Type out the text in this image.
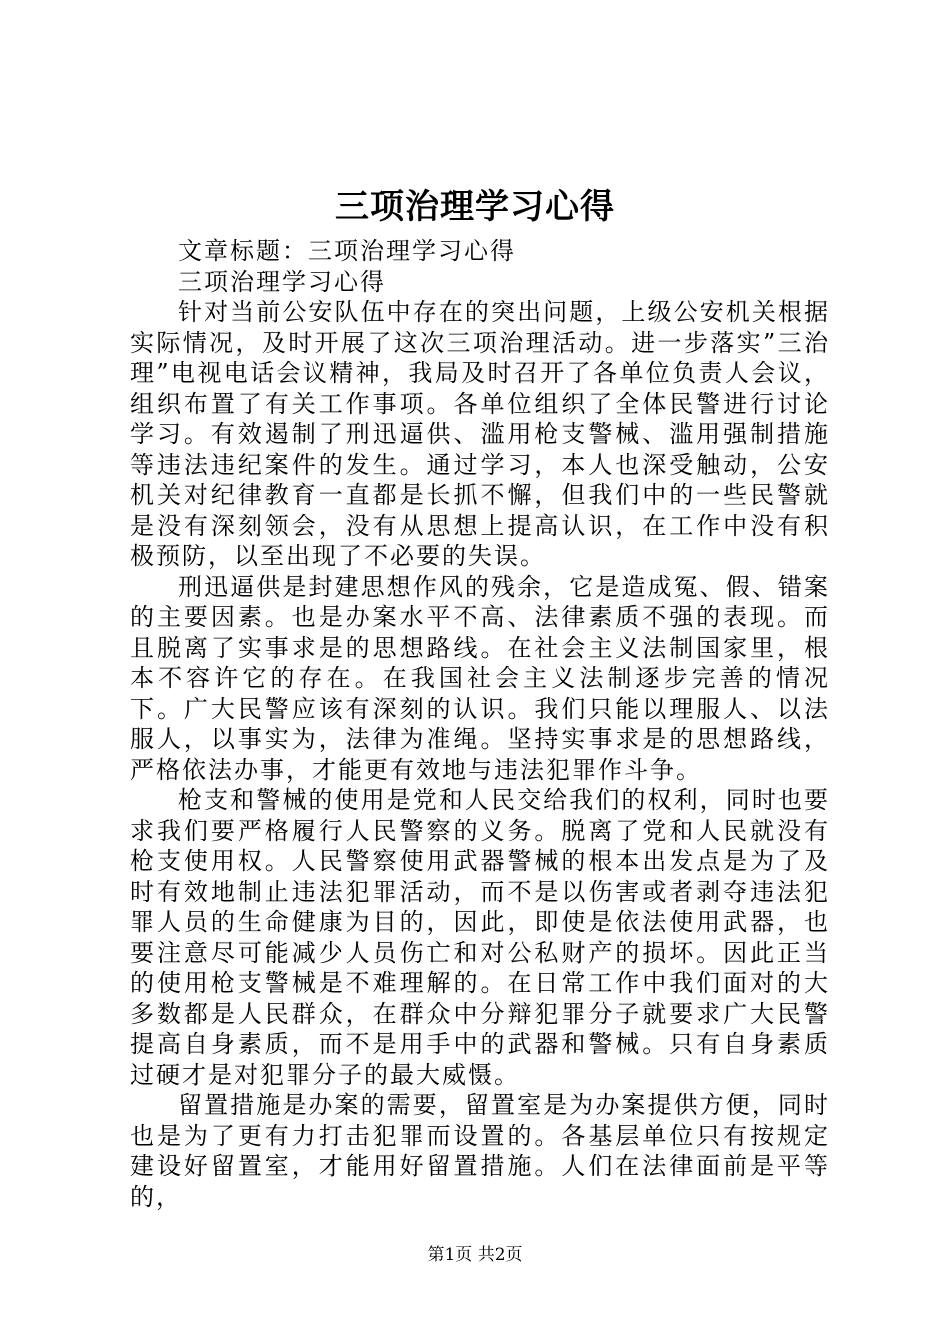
三项治理学习心得

文章标题：三项治理学习心得

三项治理学习心得

针对当前公安队伍中存在的突出问题，上级公安机关根据实际情况，及时开展了这次三项治理活动。进一步落实”三治理”电视电话会议精神，我局及时召开了各单位负责人会议，组织布置了有关工作事项。各单位组织了全体民警进行讨论学习。有效遏制了刑迅逼供、滥用枪支警械、滥用强制措施等违法违纪案件的发生。通过学习，本人也深受触动，公安机关对纪律教育一直都是长抓不懈，但我们中的一些民警就是没有深刻领会，没有从思想上提高认识，在工作中没有积极预防，以至出现了不必要的失误。

刑迅逼供是封建思想作风的残余，它是造成冤、假、错案的主要因素。也是办案水平不高、法律素质不强的表现。而且脱离了实事求是的思想路线。在社会主义法制国家里，根本不容许它的存在。在我国社会主义法制逐步完善的情况下。广大民警应该有深刻的认识。我们只能以理服人、以法服人，以事实为，法律为准绳。坚持实事求是的思想路线，严格依法办事，才能更有效地与违法犯罪作斗争。

枪支和警械的使用是党和人民交给我们的权利，同时也要求我们要严格履行人民警察的义务。脱离了党和人民就没有枪支使用权。人民警察使用武器警械的根本出发点是为了及时有效地制止违法犯罪活动，而不是以伤害或者剥夺违法犯罪人员的生命健康为目的，因此，即使是依法使用武器，也要注意尽可能减少人员伤亡和对公私财产的损坏。因此正当的使用枪支警械是不难理解的。在日常工作中我们面对的大多数都是人民群众，在群众中分辩犯罪分子就要求广大民警提高自身素质，而不是用手中的武器和警械。只有自身素质过硬才是对犯罪分子的最大威慑。

留置措施是办案的需要，留置室是为办案提供方便，同时也是为了更有力打击犯罪而设置的。各基层单位只有按规定建设好留置室，才能用好留置措施。人们在法律面前是平等的，

第1页 共2页
